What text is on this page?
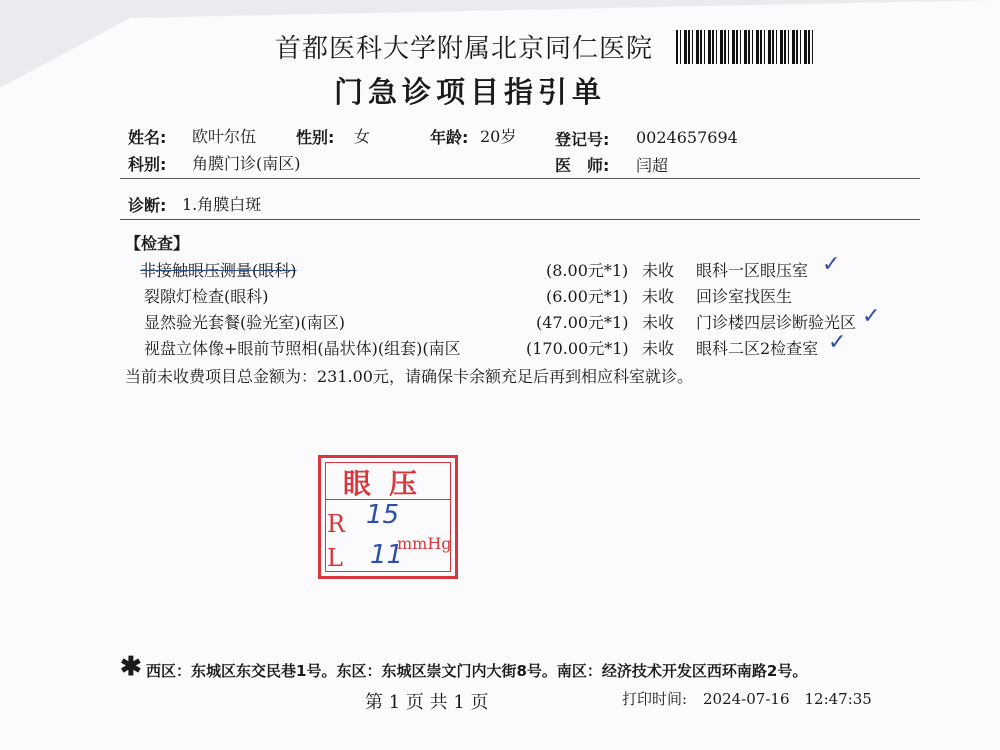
首都医科大学附属北京同仁医院
门急诊项目指引单
姓名: 欧叶尔伍 性别: 女	年龄: 20岁 登记号: 0024657694
科别: 角膜门诊(南区)	医　师: 闫超
诊断: 1.角膜白斑
【检查】
非接触眼压测量(眼科)	(8.00元*1) 未收 眼科一区眼压室 ✓
裂隙灯检查(眼科)	(6.00元*1) 未收 回诊室找医生
显然验光套餐(验光室)(南区)	(47.00元*1) 未收 门诊楼四层诊断验光区 ✓
视盘立体像+眼前节照相(晶状体)(组套)(南区	(170.00元*1) 未收 眼科二区2检查室 ✓
当前未收费项目总金额为：231.00元，请确保卡余额充足后再到相应科室就诊。
眼压
R
L
mmHg
15
11
✱ 西区：东城区东交民巷1号。东区：东城区崇文门内大街8号。南区：经济技术开发区西环南路2号。
第 1 页 共 1 页	打印时间: 2024-07-16　12:47:35
